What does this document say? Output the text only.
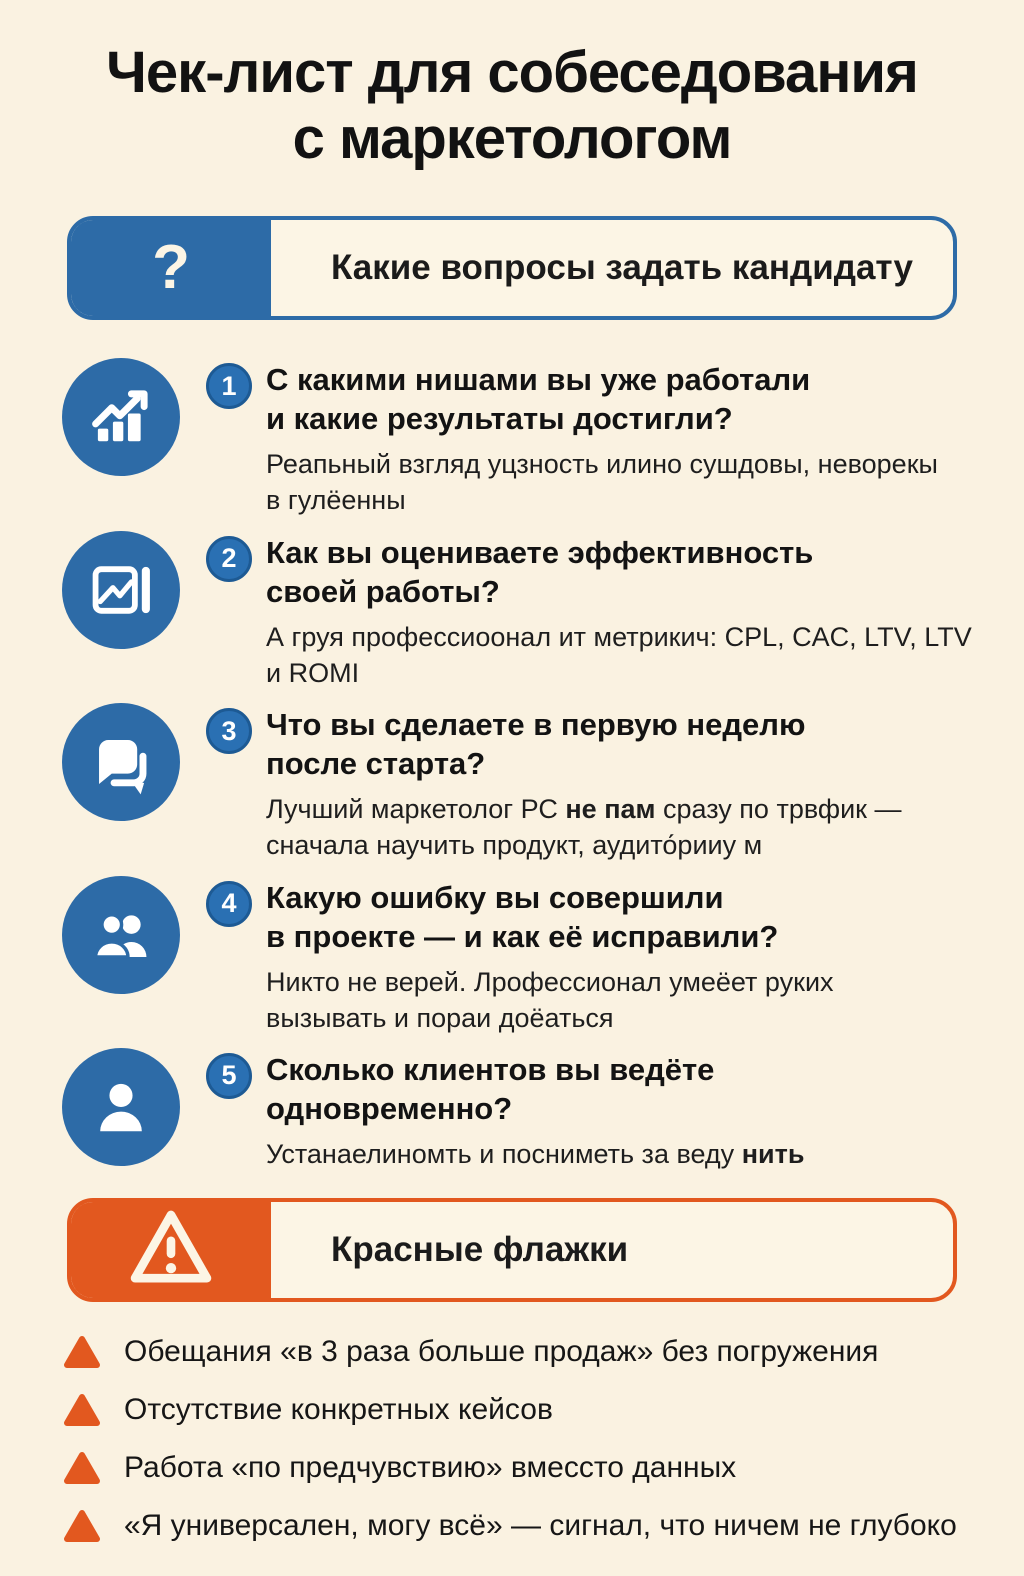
Чек-лист для собеседования
с маркетологом
?	Какие вопросы задать кандидату
1 С какими нишами вы уже работали
и какие результаты достигли?
Реапьный взгляд уцзность илино сушдовы, неворекы
в гулёенны
2 Как вы оцениваете эффективность
своей работы?
А груя профессиоонал ит метрикич: CPL, CAC, LTV, LTV
и ROMI
3 Что вы сделаете в первую неделю
после старта?
Лучший маркетолог РС не пам сразу по трвфик —
сначала научить продукт, аудито́рииу м
4 Какую ошибку вы совершили
в проекте — и как её исправили?
Никто не верей. Лрофессионал умеёет руких
вызывать и пораи доёаться
5 Сколько клиентов вы ведёте
одновременно?
Устанаелиномть и посниметь за веду нить
Красные флажки
Обещания «в 3 раза больше продаж» без погружения
Отсутствие конкретных кейсов
Работа «по предчувствию» вмессто данных
«Я универсален, могу всё» — сигнал, что ничем не глубоко
